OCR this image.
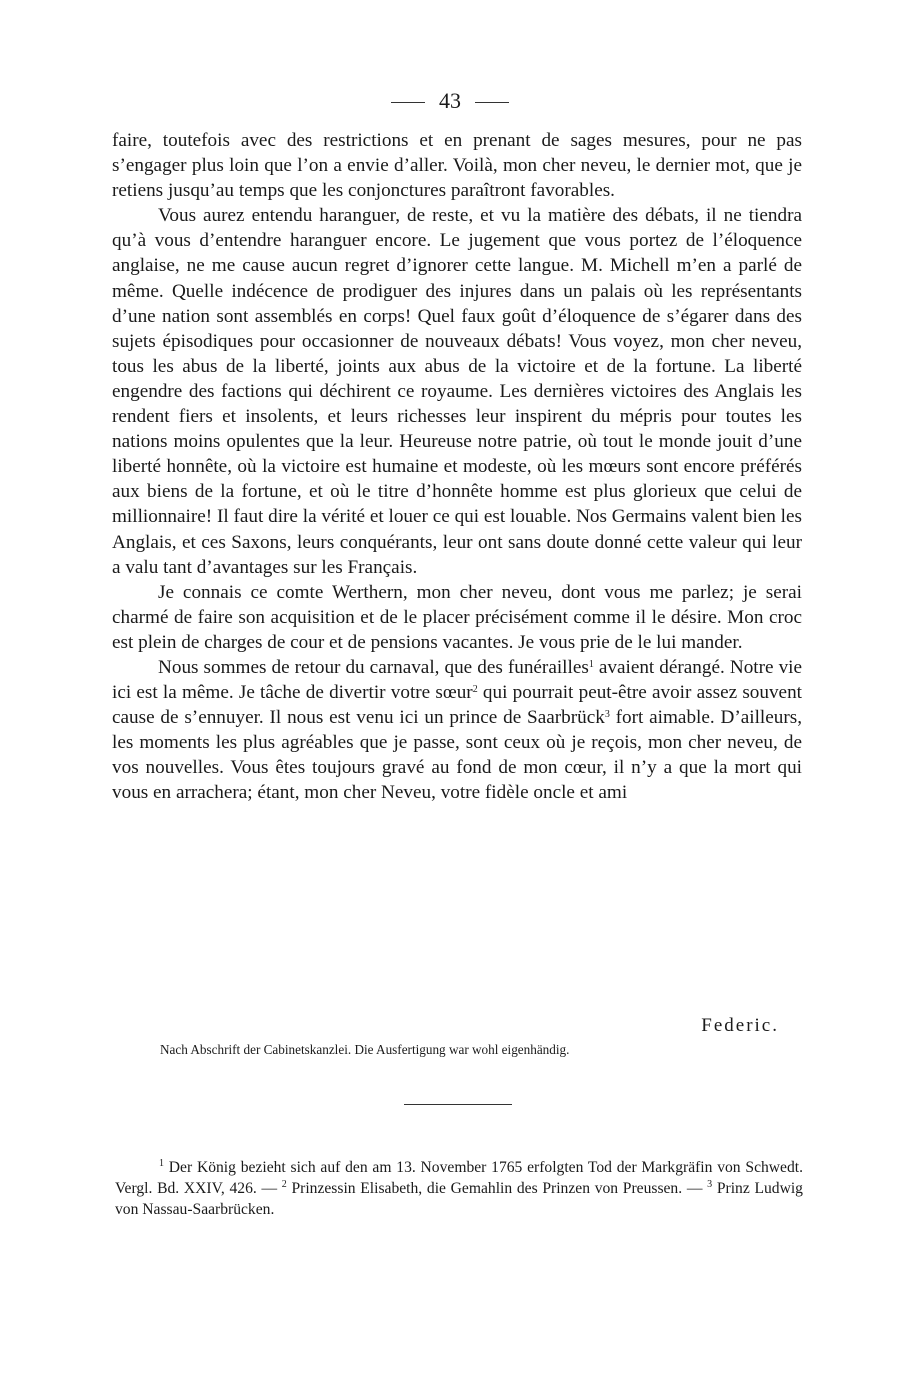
43

faire, toutefois avec des restrictions et en prenant de sages mesures, pour ne pas s’engager plus loin que l’on a envie d’aller. Voilà, mon cher neveu, le dernier mot, que je retiens jusqu’au temps que les conjonctures paraîtront favorables.

Vous aurez entendu haranguer, de reste, et vu la matière des débats, il ne tiendra qu’à vous d’entendre haranguer encore. Le jugement que vous portez de l’éloquence anglaise, ne me cause aucun regret d’ignorer cette langue. M. Michell m’en a parlé de même. Quelle indécence de prodiguer des injures dans un palais où les représentants d’une nation sont assemblés en corps! Quel faux goût d’éloquence de s’égarer dans des sujets épisodiques pour occasionner de nouveaux débats! Vous voyez, mon cher neveu, tous les abus de la liberté, joints aux abus de la victoire et de la fortune. La liberté engendre des factions qui déchirent ce royaume. Les dernières victoires des Anglais les rendent fiers et insolents, et leurs richesses leur inspirent du mépris pour toutes les nations moins opulentes que la leur. Heureuse notre patrie, où tout le monde jouit d’une liberté honnête, où la victoire est humaine et modeste, où les mœurs sont encore préférés aux biens de la fortune, et où le titre d’honnête homme est plus glorieux que celui de millionnaire! Il faut dire la vérité et louer ce qui est louable. Nos Germains valent bien les Anglais, et ces Saxons, leurs conquérants, leur ont sans doute donné cette valeur qui leur a valu tant d’avantages sur les Français.

Je connais ce comte Werthern, mon cher neveu, dont vous me parlez; je serai charmé de faire son acquisition et de le placer précisément comme il le désire. Mon croc est plein de charges de cour et de pensions vacantes. Je vous prie de le lui mander.

Nous sommes de retour du carnaval, que des funérailles$^1$ avaient dérangé. Notre vie ici est la même. Je tâche de divertir votre sœur$^2$ qui pourrait peut-être avoir assez souvent cause de s’ennuyer. Il nous est venu ici un prince de Saarbrück$^3$ fort aimable. D’ailleurs, les moments les plus agréables que je passe, sont ceux où je reçois, mon cher neveu, de vos nouvelles. Vous êtes toujours gravé au fond de mon cœur, il n’y a que la mort qui vous en arrachera; étant, mon cher Neveu, votre fidèle oncle et ami

Federic.
Nach Abschrift der Cabinetskanzlei. Die Ausfertigung war wohl eigenhändig.

$^1$ Der König bezieht sich auf den am 13. November 1765 erfolgten Tod der Markgräfin von Schwedt. Vergl. Bd. XXIV, 426. — $^2$ Prinzessin Elisabeth, die Gemahlin des Prinzen von Preussen. — $^3$ Prinz Ludwig von Nassau-Saarbrücken.
